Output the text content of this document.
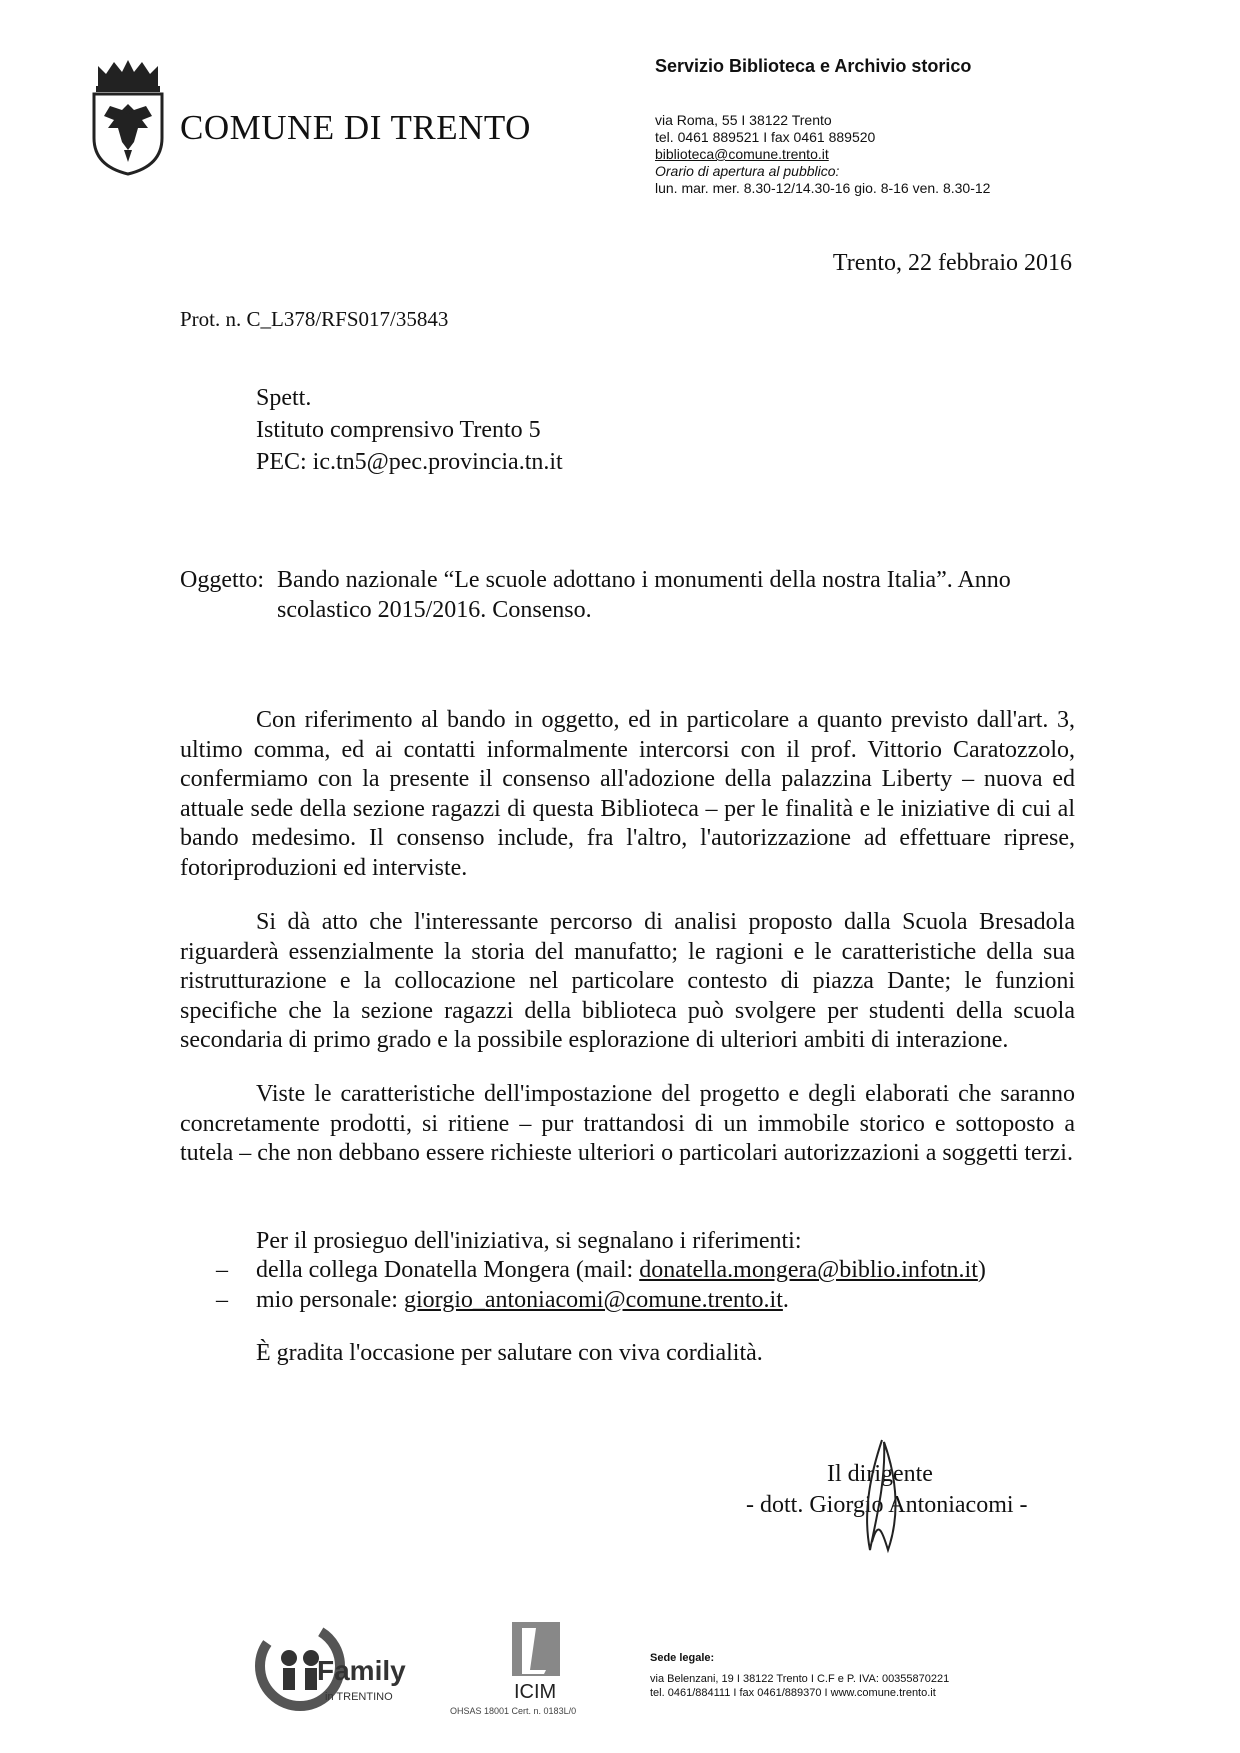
COMUNE DI TRENTO
Servizio Biblioteca e Archivio storico
via Roma, 55 I 38122 Trento
tel. 0461 889521 I fax 0461 889520
biblioteca@comune.trento.it
Orario di apertura al pubblico:
lun. mar. mer. 8.30-12/14.30-16 gio. 8-16 ven. 8.30-12
Trento, 22 febbraio 2016
Prot. n. C_L378/RFS017/35843
Spett.
Istituto comprensivo Trento 5
PEC: ic.tn5@pec.provincia.tn.it
Oggetto: Bando nazionale “Le scuole adottano i monumenti della nostra Italia”. Anno scolastico 2015/2016. Consenso.

Con riferimento al bando in oggetto, ed in particolare a quanto previsto dall'art. 3, ultimo comma, ed ai contatti informalmente intercorsi con il prof. Vittorio Caratozzolo, confermiamo con la presente il consenso all'adozione della palazzina Liberty – nuova ed attuale sede della sezione ragazzi di questa Biblioteca – per le finalità e le iniziative di cui al bando medesimo. Il consenso include, fra l'altro, l'autorizzazione ad effettuare riprese, fotoriproduzioni ed interviste.

Si dà atto che l'interessante percorso di analisi proposto dalla Scuola Bresadola riguarderà essenzialmente la storia del manufatto; le ragioni e le caratteristiche della sua ristrutturazione e la collocazione nel particolare contesto di piazza Dante; le funzioni specifiche che la sezione ragazzi della biblioteca può svolgere per studenti della scuola secondaria di primo grado e la possibile esplorazione di ulteriori ambiti di interazione.

Viste le caratteristiche dell'impostazione del progetto e degli elaborati che saranno concretamente prodotti, si ritiene – pur trattandosi di un immobile storico e sottoposto a tutela – che non debbano essere richieste ulteriori o particolari autorizzazioni a soggetti terzi.

Per il prosieguo dell'iniziativa, si segnalano i riferimenti:
– della collega Donatella Mongera (mail: donatella.mongera@biblio.infotn.it)
– mio personale: giorgio_antoniacomi@comune.trento.it.
È gradita l'occasione per salutare con viva cordialità.
Il dirigente
- dott. Giorgio Antoniacomi -
Family
in TRENTINO	ICIM
OHSAS 18001 Cert. n. 0183L/0
Sede legale:
via Belenzani, 19 I 38122 Trento I C.F e P. IVA: 00355870221
tel. 0461/884111 I fax 0461/889370 I www.comune.trento.it
